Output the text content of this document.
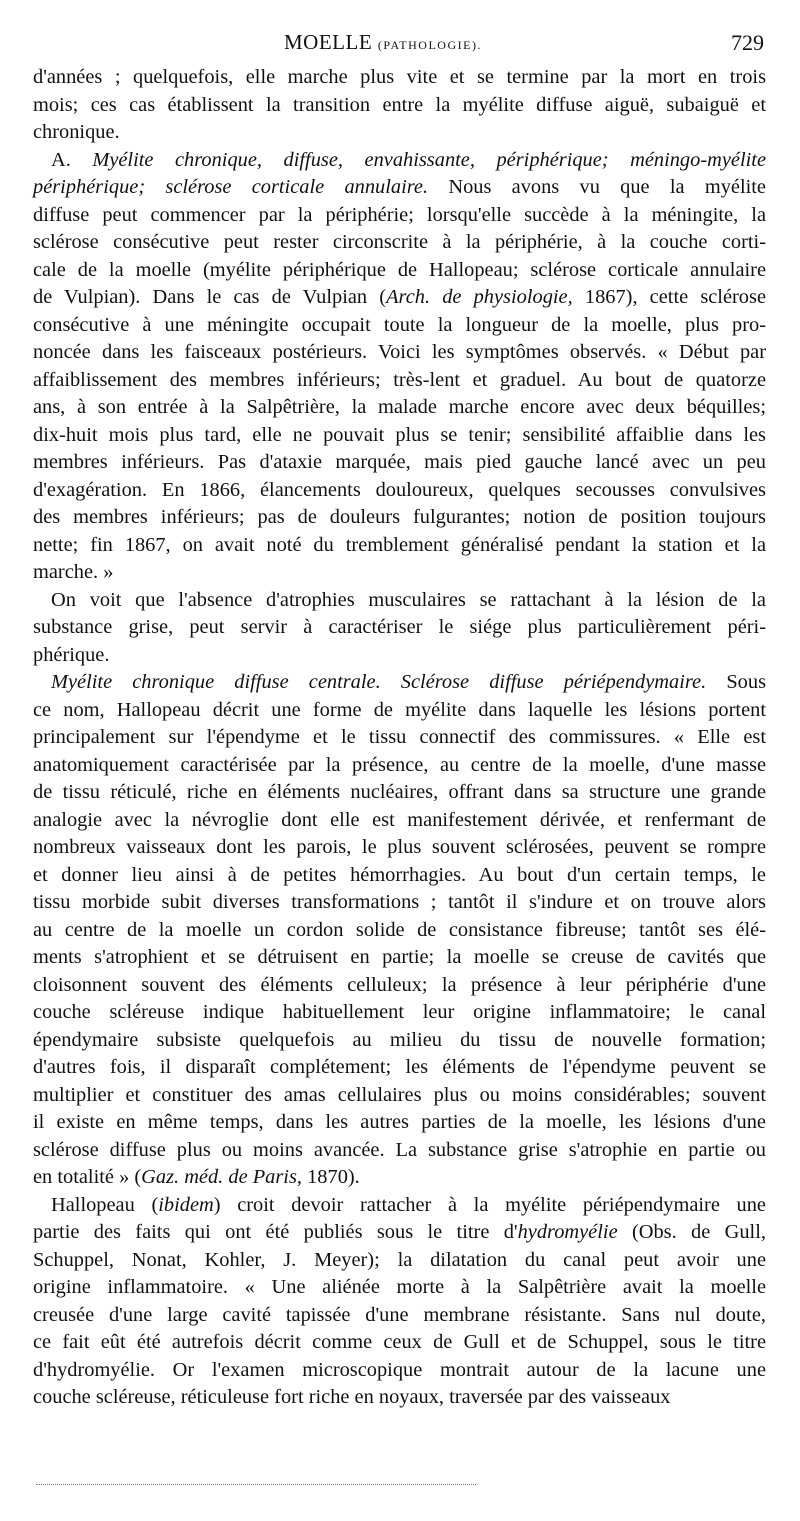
MOELLE (PATHOLOGIE).	729
d'années ; quelquefois, elle marche plus vite et se termine par la mort en trois
mois; ces cas établissent la transition entre la myélite diffuse aiguë, subaiguë et
chronique.
A. Myélite chronique, diffuse, envahissante, périphérique; méningo-myélite
périphérique; sclérose corticale annulaire. Nous avons vu que la myélite
diffuse peut commencer par la périphérie; lorsqu'elle succède à la méningite, la
sclérose consécutive peut rester circonscrite à la périphérie, à la couche corti-
cale de la moelle (myélite périphérique de Hallopeau; sclérose corticale annulaire
de Vulpian). Dans le cas de Vulpian (Arch. de physiologie, 1867), cette sclérose
consécutive à une méningite occupait toute la longueur de la moelle, plus pro-
noncée dans les faisceaux postérieurs. Voici les symptômes observés. « Début par
affaiblissement des membres inférieurs; très-lent et graduel. Au bout de quatorze
ans, à son entrée à la Salpêtrière, la malade marche encore avec deux béquilles;
dix-huit mois plus tard, elle ne pouvait plus se tenir; sensibilité affaiblie dans les
membres inférieurs. Pas d'ataxie marquée, mais pied gauche lancé avec un peu
d'exagération. En 1866, élancements douloureux, quelques secousses convulsives
des membres inférieurs; pas de douleurs fulgurantes; notion de position toujours
nette; fin 1867, on avait noté du tremblement généralisé pendant la station et la
marche. »
On voit que l'absence d'atrophies musculaires se rattachant à la lésion de la
substance grise, peut servir à caractériser le siége plus particulièrement péri-
phérique.
Myélite chronique diffuse centrale. Sclérose diffuse périépendymaire. Sous
ce nom, Hallopeau décrit une forme de myélite dans laquelle les lésions portent
principalement sur l'épendyme et le tissu connectif des commissures. « Elle est
anatomiquement caractérisée par la présence, au centre de la moelle, d'une masse
de tissu réticulé, riche en éléments nucléaires, offrant dans sa structure une grande
analogie avec la névroglie dont elle est manifestement dérivée, et renfermant de
nombreux vaisseaux dont les parois, le plus souvent sclérosées, peuvent se rompre
et donner lieu ainsi à de petites hémorrhagies. Au bout d'un certain temps, le
tissu morbide subit diverses transformations ; tantôt il s'indure et on trouve alors
au centre de la moelle un cordon solide de consistance fibreuse; tantôt ses élé-
ments s'atrophient et se détruisent en partie; la moelle se creuse de cavités que
cloisonnent souvent des éléments celluleux; la présence à leur périphérie d'une
couche scléreuse indique habituellement leur origine inflammatoire; le canal
épendymaire subsiste quelquefois au milieu du tissu de nouvelle formation;
d'autres fois, il disparaît complétement; les éléments de l'épendyme peuvent se
multiplier et constituer des amas cellulaires plus ou moins considérables; souvent
il existe en même temps, dans les autres parties de la moelle, les lésions d'une
sclérose diffuse plus ou moins avancée. La substance grise s'atrophie en partie ou
en totalité » (Gaz. méd. de Paris, 1870).
Hallopeau (ibidem) croit devoir rattacher à la myélite périépendymaire une
partie des faits qui ont été publiés sous le titre d'hydromyélie (Obs. de Gull,
Schuppel, Nonat, Kohler, J. Meyer); la dilatation du canal peut avoir une
origine inflammatoire. « Une aliénée morte à la Salpêtrière avait la moelle
creusée d'une large cavité tapissée d'une membrane résistante. Sans nul doute,
ce fait eût été autrefois décrit comme ceux de Gull et de Schuppel, sous le titre
d'hydromyélie. Or l'examen microscopique montrait autour de la lacune une
couche scléreuse, réticuleuse fort riche en noyaux, traversée par des vaisseaux
